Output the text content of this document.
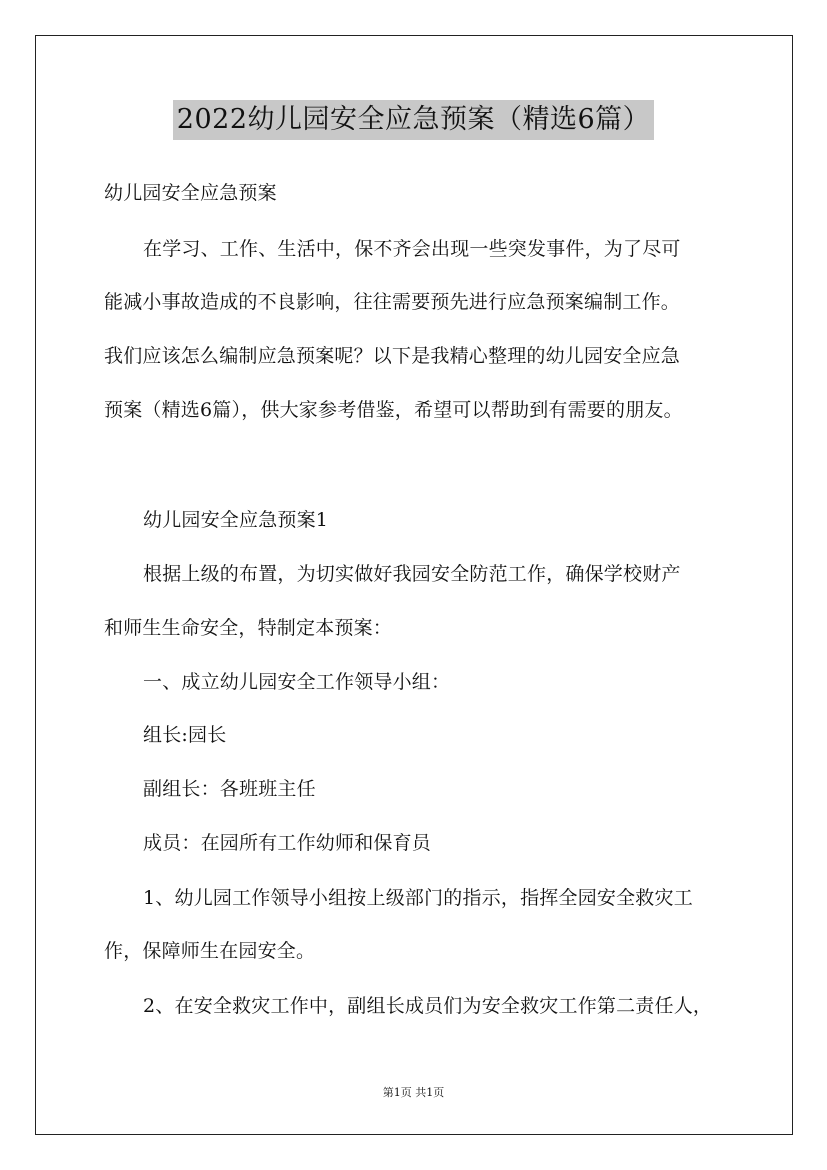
2022幼儿园安全应急预案（精选6篇）
幼儿园安全应急预案
在学习、工作、生活中，保不齐会出现一些突发事件，为了尽可
能减小事故造成的不良影响，往往需要预先进行应急预案编制工作。
我们应该怎么编制应急预案呢？以下是我精心整理的幼儿园安全应急
预案（精选6篇），供大家参考借鉴，希望可以帮助到有需要的朋友。
幼儿园安全应急预案1
根据上级的布置，为切实做好我园安全防范工作，确保学校财产
和师生生命安全，特制定本预案：
一、成立幼儿园安全工作领导小组：
组长:园长
副组长：各班班主任
成员：在园所有工作幼师和保育员
1、幼儿园工作领导小组按上级部门的指示，指挥全园安全救灾工
作，保障师生在园安全。
2、在安全救灾工作中，副组长成员们为安全救灾工作第二责任人，
第1页 共1页
